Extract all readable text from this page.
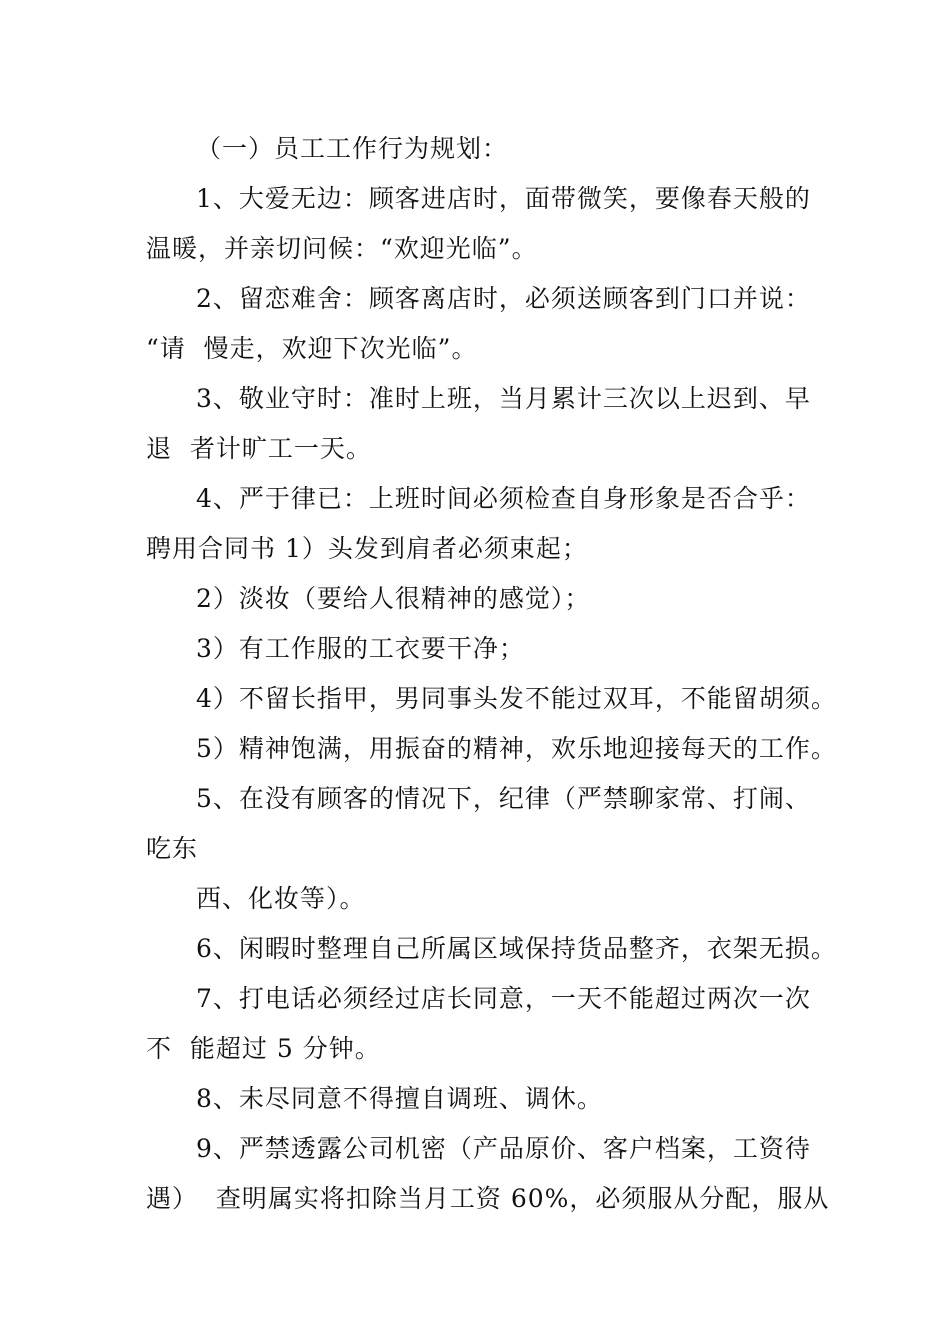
（一）员工工作行为规划：
1、大爱无边：顾客进店时，面带微笑，要像春天般的
温暖，并亲切问候：“欢迎光临”。
2、留恋难舍：顾客离店时，必须送顾客到门口并说：
“请  慢走，欢迎下次光临”。
3、敬业守时：准时上班，当月累计三次以上迟到、早
退  者计旷工一天。
4、严于律已：上班时间必须检查自身形象是否合乎：
聘用合同书 1）头发到肩者必须束起；
2）淡妆（要给人很精神的感觉）；
3）有工作服的工衣要干净；
4）不留长指甲，男同事头发不能过双耳，不能留胡须。
5）精神饱满，用振奋的精神，欢乐地迎接每天的工作。
5、在没有顾客的情况下，纪律（严禁聊家常、打闹、
吃东
西、化妆等）。
6、闲暇时整理自己所属区域保持货品整齐，衣架无损。
7、打电话必须经过店长同意，一天不能超过两次一次
不  能超过 5 分钟。
8、未尽同意不得擅自调班、调休。
9、严禁透露公司机密（产品原价、客户档案，工资待
遇）  查明属实将扣除当月工资 60%，必须服从分配，服从
